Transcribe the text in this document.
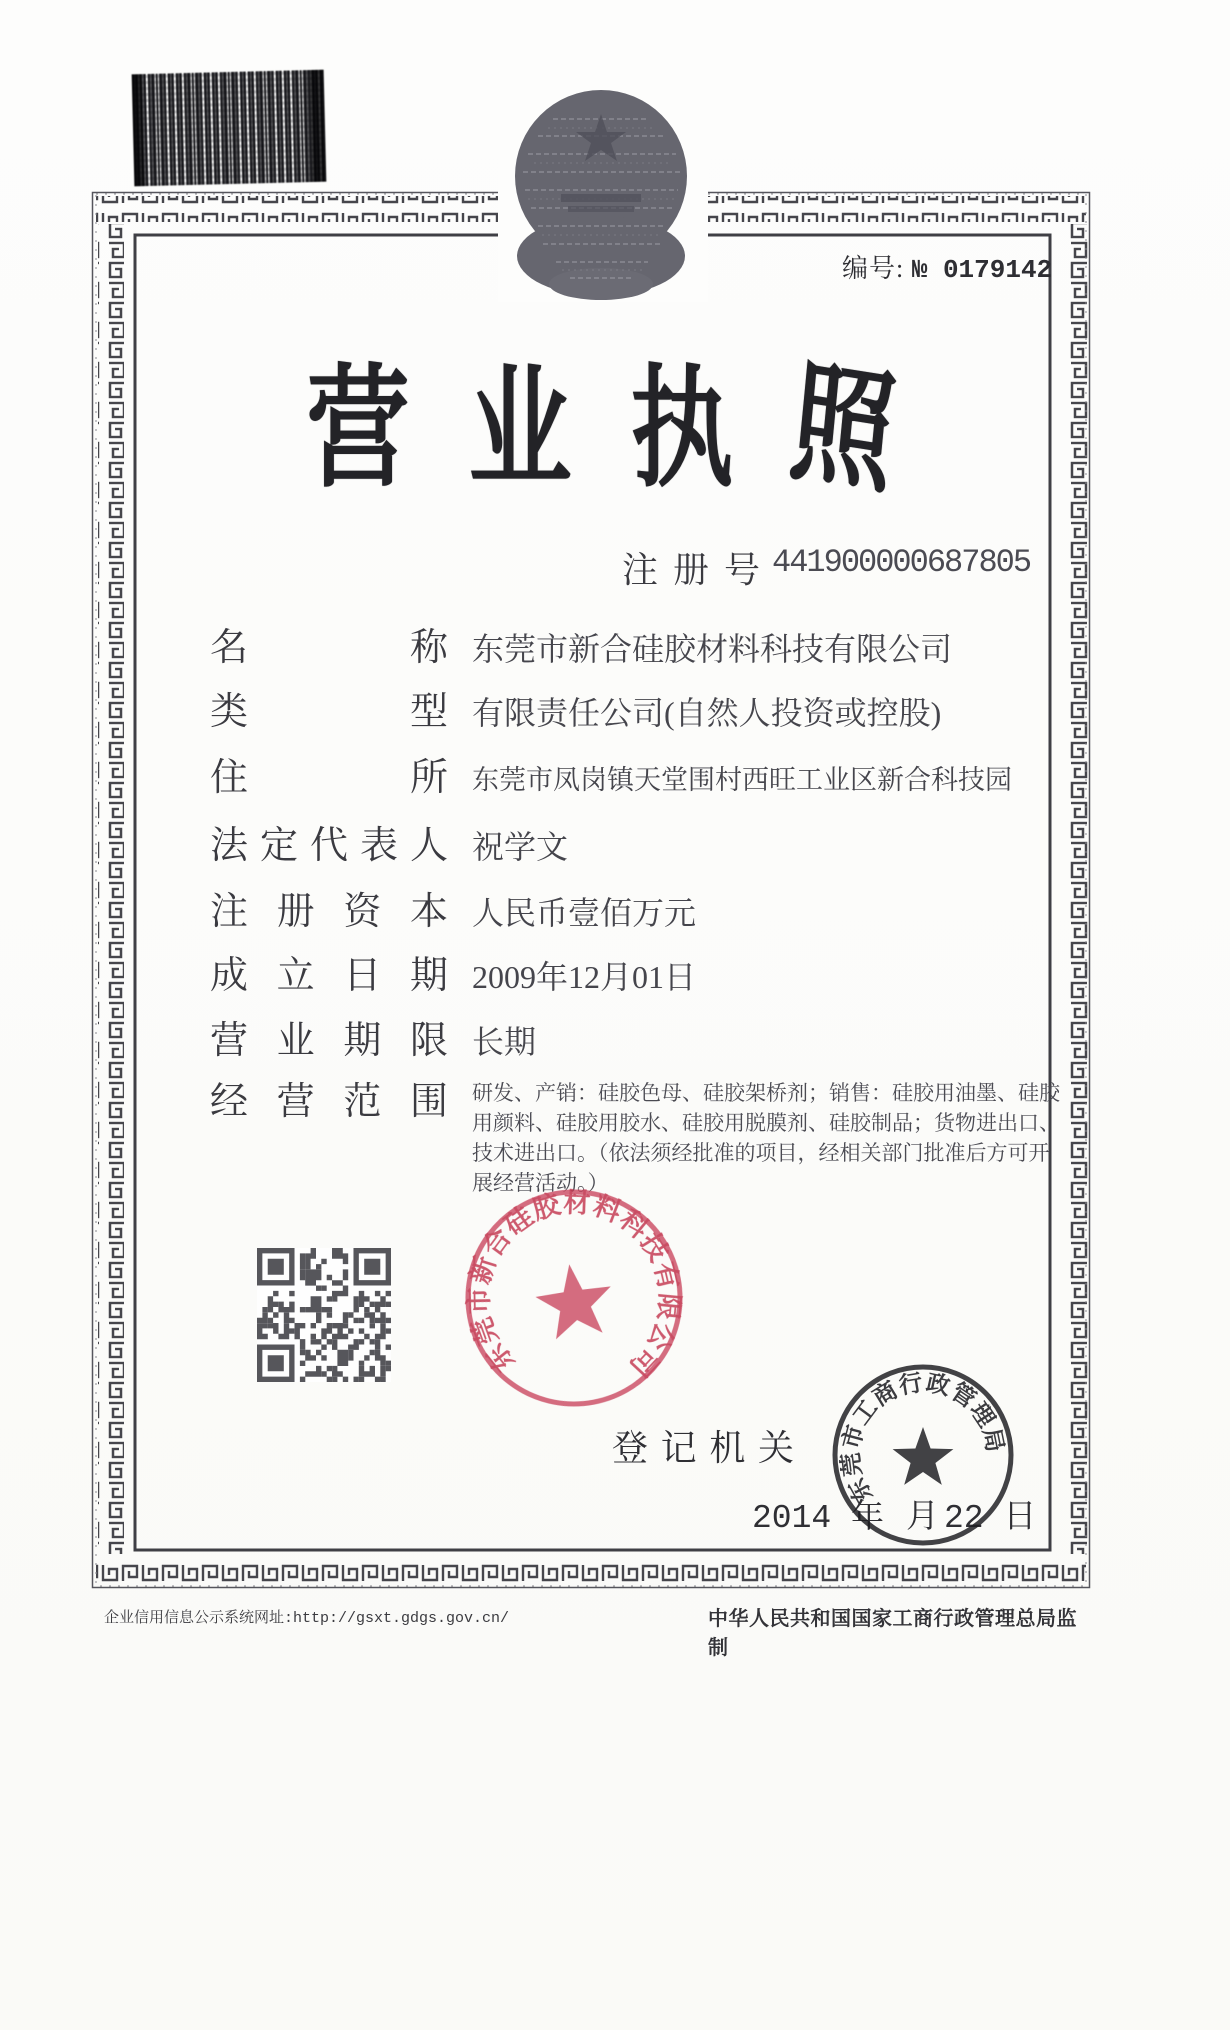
编号: № 0179142
营 业 执 照
注 册 号 441900000687805
名	称 东莞市新合硅胶材料科技有限公司
类	型 有限责任公司(自然人投资或控股)
住	所 东莞市凤岗镇天堂围村西旺工业区新合科技园
法 定 代 表 人 祝学文
注 册 资 本 人民币壹佰万元
成 立 日 期 2009年12月01日
营 业 期 限 长期
经 营 范 围 研发、产销：硅胶色母、硅胶架桥剂；销售：硅胶用油墨、硅胶用颜料、硅胶用胶水、硅胶用脱膜剂、硅胶制品；货物进出口、技术进出口。（依法须经批准的项目，经相关部门批准后方可开展经营活动。）
东莞市新合硅胶材料科技有限公司
登 记 机 关
2014 年 月 22 日
东莞市工商行政管理局
企业信用信息公示系统网址:http://gsxt.gdgs.gov.cn/	中华人民共和国国家工商行政管理总局监制
